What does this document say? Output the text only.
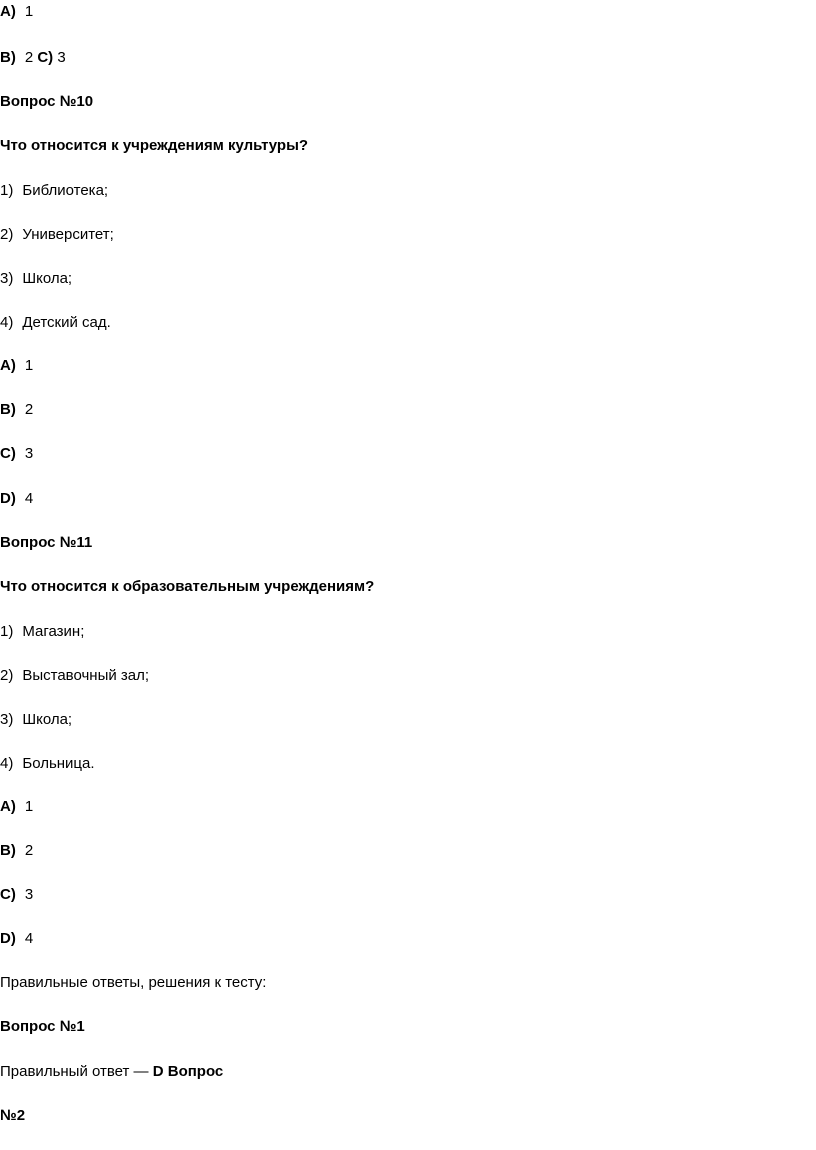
A) 1
B) 2 C) 3
Вопрос №10
Что относится к учреждениям культуры?
1) Библиотека;
2) Университет;
3) Школа;
4) Детский сад.
A) 1
B) 2
C) 3
D) 4
Вопрос №11
Что относится к образовательным учреждениям?
1) Магазин;
2) Выставочный зал;
3) Школа;
4) Больница.
A) 1
B) 2
C) 3
D) 4
Правильные ответы, решения к тесту:
Вопрос №1
Правильный ответ — D Вопрос
№2
